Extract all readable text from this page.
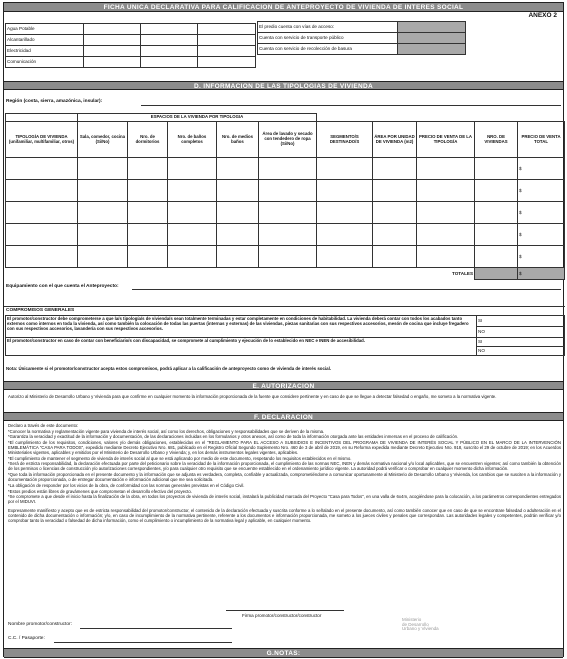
FICHA UNICA DECLARATIVA PARA CALIFICACION DE ANTEPROYECTO DE VIVIENDA DE INTERES SOCIAL
ANEXO 2
Agua Potable			
Alcantarillado			
Electricidad			
Comunicación			
El predio cuenta con vías de acceso:	
Cuenta con servicio de transporte público	
Cuenta con servicio de recolección de basura	
D. INFORMACION DE LAS TIPOLOGIAS DE VIVIENDA
Región (costa, sierra, amazónica, insular):
	ESPACIOS DE LA VIVIENDA POR TIPOLOGIA									
TIPOLOGÍA DE VIVIENDA (unifamiliar, multifamiliar, otros)	Sala, comedor, cocina (Si/No)	Nro. de dormitorios	Nro. de baños completos	Nro. de medios baños	Área de lavado y secado con tendedero de ropa (Si/No)	SEGMENTO/S DESTINADO/S	ÁREA POR UNIDAD DE VIVIENDA (m2)	PRECIO DE VENTA DE LA TIPOLOGÍA	NRO. DE VIVIENDAS	PRECIO DE VENTA TOTAL
										$
										$
										$
										$
										$
TOTALES										$
Equipamiento con el que cuenta el Anteproyecto:
COMPROMISOS GENERALES
El promotor/constructor debe comprometerse a que la/s tipología/s de vivienda/s sean totalmente terminadas y estar completamente en condiciones de habitabilidad. La vivienda deberá contar con todos los acabados tanto externos como internos en toda la vivienda, así como también la colocación de todas las puertas (internas y externas) de las viviendas, piezas sanitarias con sus respectivos accesorios, mesón de cocina que incluye fregadero con sus respectivos accesorios, lavandería con sus respectivos accesorios.	SI
	NO
El promotor/constructor en caso de contar con beneficiario/s con discapacidad, se compromete al cumplimiento y ejecución de lo establecido en NEC e INEN de accesibilidad.	SI
	NO
Nota: Únicamente si el promotor/constructor acepta estos compromisos, podrá aplicar a la calificación de anteproyecto como de vivienda de interés social.
E. AUTORIZACION
Autorizo al Ministerio de Desarrollo Urbano y Vivienda para que confirme en cualquier momento la información proporcionada de la fuente que considere pertinente y en caso de que se llegue a detectar falsedad o engaño, me someto a la normativa vigente.
F. DECLARACION

Declaro a través de este documento:

*Conocer la normativa y reglamentación vigente para vivienda de interés social, así como los derechos, obligaciones y responsabilidades que se deriven de la misma.

*Garantiza la veracidad y exactitud de la información y documentación, de las declaraciones incluidas en los formularios y otros anexos, así como de toda la información otorgada ante las entidades inmersas en el proceso de calificación.

*El cumplimiento de los requisitos, condiciones, valores y/o demás obligaciones, establecidas en el "REGLAMENTO PARA EL ACCESO A SUBSIDIOS E INCENTIVOS DEL PROGRAMA DE VIVIENDA DE INTERÉS SOCIAL Y PÚBLICO EN EL MARCO DE LA INTERVENCIÓN EMBLEMÁTICA "CASA PARA TODOS", expedido mediante Decreto Ejecutivo Nro. 681, publicado en el Registro Oficial Segundo Suplemento Nro. 460 de 3 de abril de 2019, en su Reforma expedida mediante Decreto Ejecutivo Nro. 918, suscrito el 29 de octubre de 2019; en los Acuerdos Ministeriales vigentes, aplicables y emitidos por el Ministerio de Desarrollo Urbano y Vivienda; y, en los demás instrumentos legales vigentes, aplicables.

*El cumplimiento de mantener el segmento de vivienda de interés social al que se está aplicando por medio de este documento, respetando los requisitos establecidos en el mismo.

*Será de estricta responsabilidad, la declaración efectuada por parte del peticionario sobre la veracidad de la información proporcionada, el cumplimiento de las normas NEC, INEN y demás normativa nacional y/o local aplicables, que se encuentren vigentes; así como también la obtención de los permisos o licencias de construcción y/o autorizaciones correspondientes, y/o para cualquier otro requisito que se encuentre establecido en el ordenamiento jurídico vigente. La autoridad podrá verificar o comprobar en cualquier momento dicha información.

*Que toda la información proporcionada en el presente documento y la información que se adjunta es verdadera, completa, confiable y actualizada, comprometiéndome a comunicar oportunamente al Ministerio de Desarrollo Urbano y Vivienda, los cambios que se susciten a la información y documentación proporcionada, o de entregar documentación e información adicional que me sea solicitada.

*La obligación de responder por los vicios de la obra, de conformidad con las normas generales previstas en el Código Civil.

*Estos predios están libres de gravámenes que comprometan el desarrollo efectivo del proyecto.

*Se compromete a que desde el inicio hasta la finalización de la obra, en todos los proyectos de vivienda de interés social, instalará la publicidad marcada del Proyecto "Casa para Todos", en una valla de 6x4m, acogiéndose para la colocación, a los parámetros correspondientes entregados por el MIDUVI.

Expresamente manifiesto y acepto que es de estricta responsabilidad del promotor/constructor, el contenido de la declaración efectuada y suscrita conforme a lo señalado en el presente documento, así como también conocer que en caso de que se encontrare falsedad o adulteración en el contenido de dicha documentación o información; y/o, en caso de incumplimiento de la normativa pertinente, referente a los documentos e información proporcionada, me someto a los jueces civiles y penales que correspondan. Las autoridades legales y competentes, podrán verificar y/o comprobar tanto la veracidad o falsedad de dicha información, como el cumplimiento o incumplimiento de la normativa legal y aplicable, en cualquier momento.

Firma promotor/constructor/constructor
Nombre promotor/constructor:
C.C. / Pasaporte:
Ministerio
de Desarrollo
Urbano y Vivienda
G.NOTAS:
